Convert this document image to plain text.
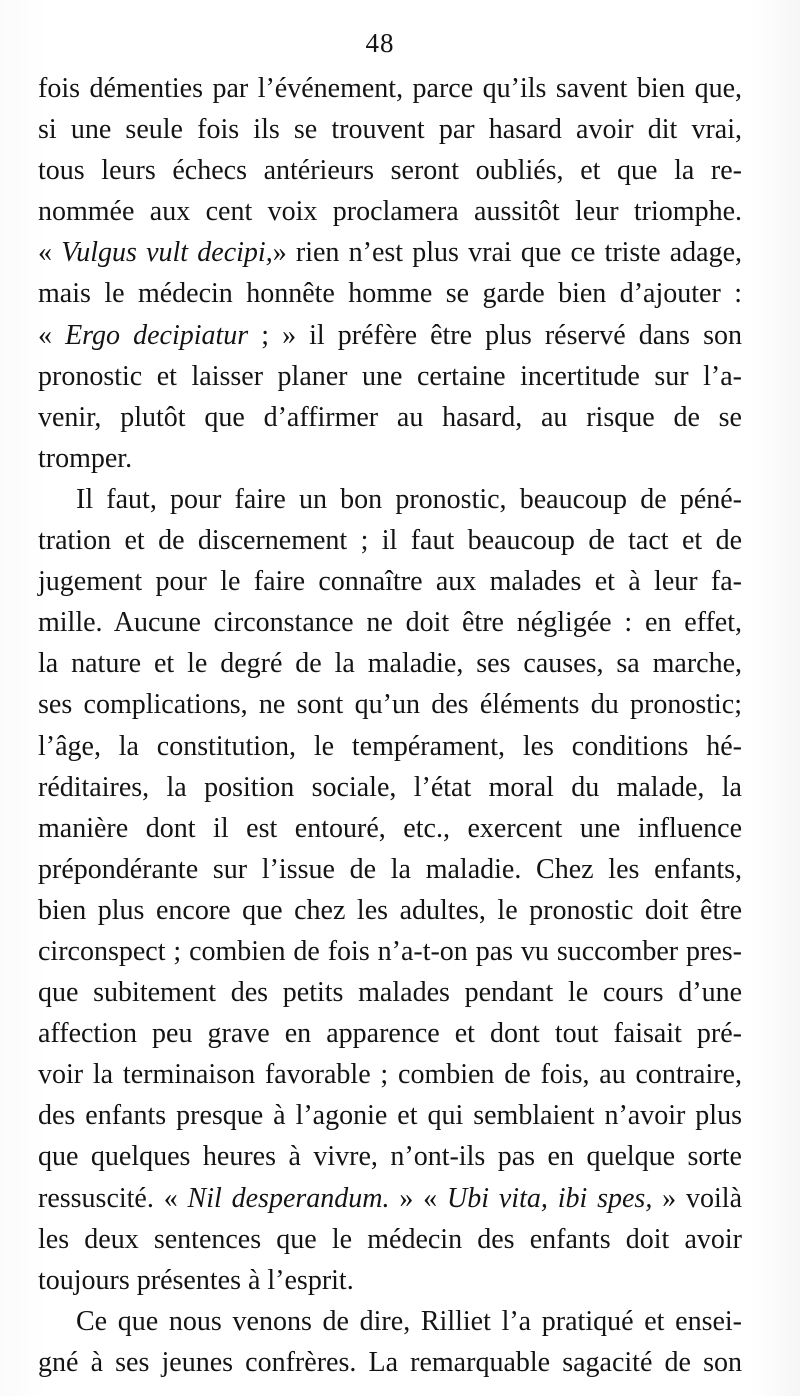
48
fois démenties par l’événement, parce qu’ils savent bien que,
si une seule fois ils se trouvent par hasard avoir dit vrai,
tous leurs échecs antérieurs seront oubliés, et que la re-
nommée aux cent voix proclamera aussitôt leur triomphe.
« Vulgus vult decipi,» rien n’est plus vrai que ce triste adage,
mais le médecin honnête homme se garde bien d’ajouter :
« Ergo decipiatur ; » il préfère être plus réservé dans son
pronostic et laisser planer une certaine incertitude sur l’a-
venir, plutôt que d’affirmer au hasard, au risque de se
tromper.
Il faut, pour faire un bon pronostic, beaucoup de péné-
tration et de discernement ; il faut beaucoup de tact et de
jugement pour le faire connaître aux malades et à leur fa-
mille. Aucune circonstance ne doit être négligée : en effet,
la nature et le degré de la maladie, ses causes, sa marche,
ses complications, ne sont qu’un des éléments du pronostic;
l’âge, la constitution, le tempérament, les conditions hé-
réditaires, la position sociale, l’état moral du malade, la
manière dont il est entouré, etc., exercent une influence
prépondérante sur l’issue de la maladie. Chez les enfants,
bien plus encore que chez les adultes, le pronostic doit être
circonspect ; combien de fois n’a-t-on pas vu succomber pres-
que subitement des petits malades pendant le cours d’une
affection peu grave en apparence et dont tout faisait pré-
voir la terminaison favorable ; combien de fois, au contraire,
des enfants presque à l’agonie et qui semblaient n’avoir plus
que quelques heures à vivre, n’ont-ils pas en quelque sorte
ressuscité. « Nil desperandum. » « Ubi vita, ibi spes, » voilà
les deux sentences que le médecin des enfants doit avoir
toujours présentes à l’esprit.
Ce que nous venons de dire, Rilliet l’a pratiqué et ensei-
gné à ses jeunes confrères. La remarquable sagacité de son
